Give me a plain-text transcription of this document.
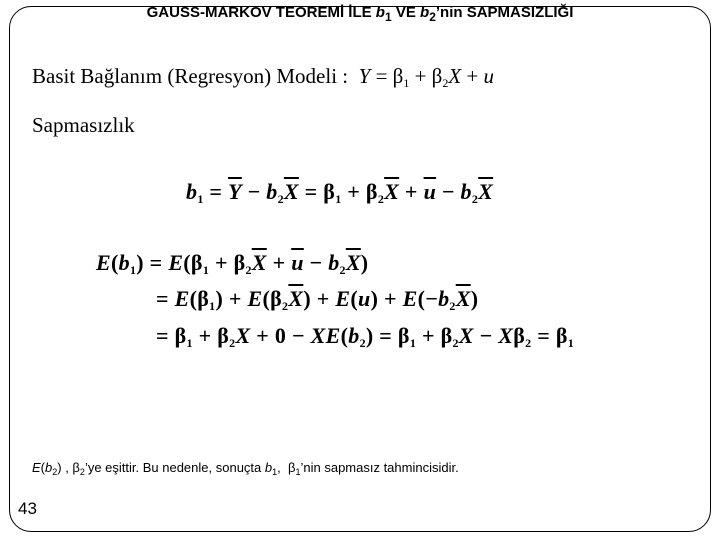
GAUSS-MARKOV TEOREMİ İLE $b_1$ VE $b_2’nin$ SAPMASIZLIĞI
Basit Bağlanım (Regresyon) Modeli :  $Y = \beta_1 + \beta_2X + u$
Sapmasızlık
$b_1 = \overline{Y} - b_2\overline{X} = \beta_1 + \beta_2\overline{X} + \overline{u} - b_2\overline{X}$
$E(b_1) = E(\beta_1 + \beta_2\overline{X} + \overline{u} - b_2\overline{X})$
= $E(\beta_1) + E(\beta_2\overline{X}) + E(u) + E(-b_2\overline{X})$
= $\beta_1 + \beta_2X + 0 - XE(b_2) = \beta_1 + \beta_2X - X\beta_2 = \beta_1$
$E(b_2)$ , $\beta_2’ye$ eşittir. Bu nedenle, sonuçta $b_1$,  $\beta_1’nin$ sapmasız tahmincisidir.
43
